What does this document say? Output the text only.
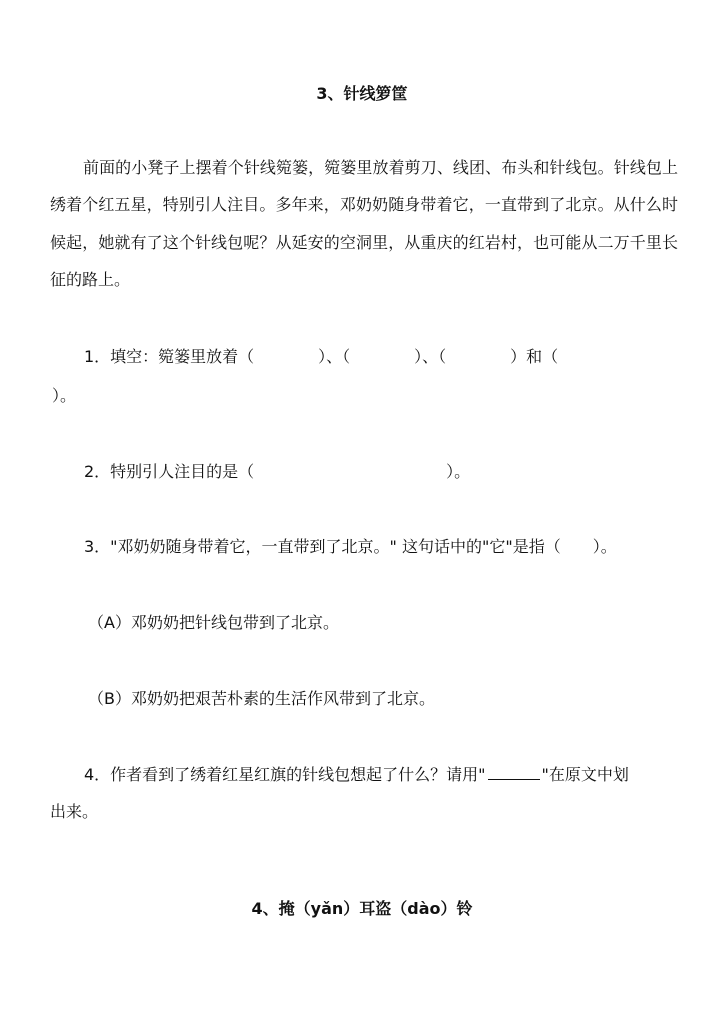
3、针线箩筐

前面的小凳子上摆着个针线箢篓，箢篓里放着剪刀、线团、布头和针线包。针线包上绣着个红五星，特别引人注目。多年来，邓奶奶随身带着它，一直带到了北京。从什么时候起，她就有了这个针线包呢？从延安的空洞里，从重庆的红岩村，也可能从二万千里长征的路上。

1．填空：箢篓里放着（　　　　）、（　　　　）、（　　　　）和（

）。

2．特别引人注目的是（　　　　　　　　　　　　）。

3．"邓奶奶随身带着它，一直带到了北京。" 这句话中的"它"是指（　　）。

（A）邓奶奶把针线包带到了北京。

（B）邓奶奶把艰苦朴素的生活作风带到了北京。

4．作者看到了绣着红星红旗的针线包想起了什么？请用"	"在原文中划

出来。

4、掩（yǎn）耳盗（dào）铃
